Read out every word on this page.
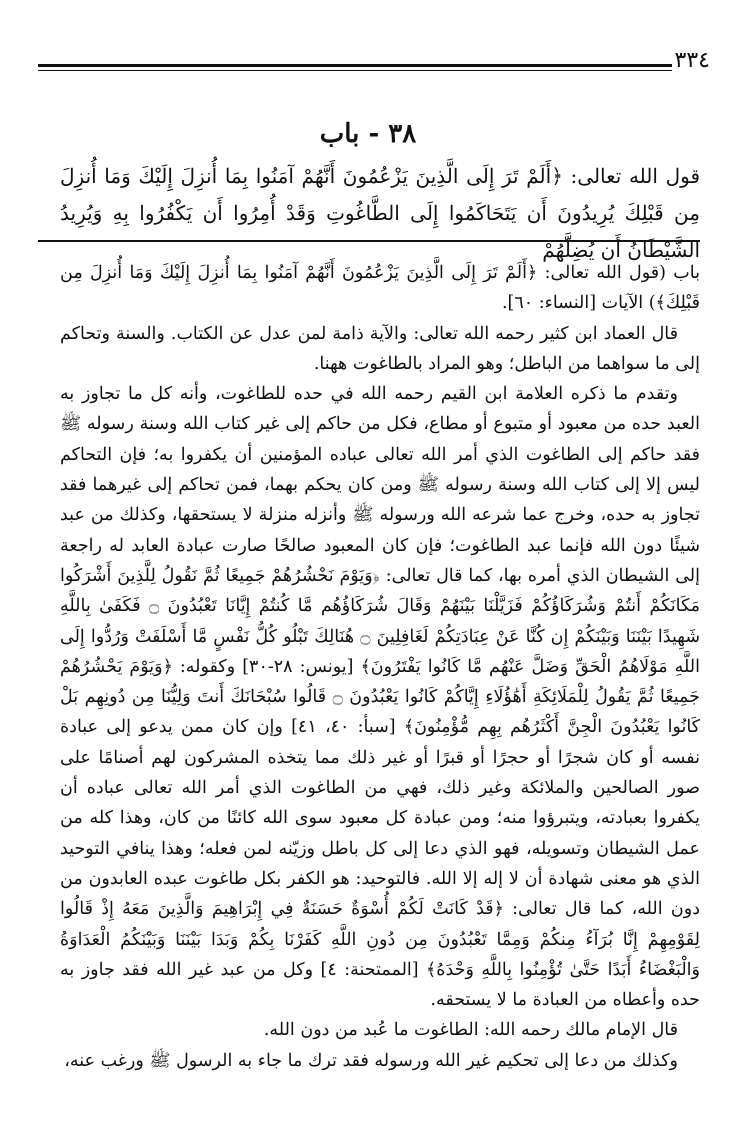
٣٣٤
٣٨ - باب
قول الله تعالى: ﴿أَلَمْ تَرَ إِلَى الَّذِينَ يَزْعُمُونَ أَنَّهُمْ آمَنُوا بِمَا أُنزِلَ إِلَيْكَ وَمَا أُنزِلَ مِن قَبْلِكَ يُرِيدُونَ أَن يَتَحَاكَمُوا إِلَى الطَّاغُوتِ وَقَدْ أُمِرُوا أَن يَكْفُرُوا بِهِ وَيُرِيدُ الشَّيْطَانُ أَن يُضِلَّهُمْ

باب (قول الله تعالى: ﴿أَلَمْ تَرَ إِلَى الَّذِينَ يَزْعُمُونَ أَنَّهُمْ آمَنُوا بِمَا أُنزِلَ إِلَيْكَ وَمَا أُنزِلَ مِن قَبْلِكَ﴾) الآيات [النساء: ٦٠].

قال العماد ابن كثير رحمه الله تعالى: والآية ذامة لمن عدل عن الكتاب. والسنة وتحاكم إلى ما سواهما من الباطل؛ وهو المراد بالطاغوت ههنا.

وتقدم ما ذكره العلامة ابن القيم رحمه الله في حده للطاغوت، وأنه كل ما تجاوز به العبد حده من معبود أو متبوع أو مطاع، فكل من حاكم إلى غير كتاب الله وسنة رسوله ﷺ فقد حاكم إلى الطاغوت الذي أمر الله تعالى عباده المؤمنين أن يكفروا به؛ فإن التحاكم ليس إلا إلى كتاب الله وسنة رسوله ﷺ ومن كان يحكم بهما، فمن تحاكم إلى غيرهما فقد تجاوز به حده، وخرج عما شرعه الله ورسوله ﷺ وأنزله منزلة لا يستحقها، وكذلك من عبد شيئًا دون الله فإنما عبد الطاغوت؛ فإن كان المعبود صالحًا صارت عبادة العابد له راجعة إلى الشيطان الذي أمره بها، كما قال تعالى: ﴿وَيَوْمَ نَحْشُرُهُمْ جَمِيعًا ثُمَّ نَقُولُ لِلَّذِينَ أَشْرَكُوا مَكَانَكُمْ أَنتُمْ وَشُرَكَاؤُكُمْ فَزَيَّلْنَا بَيْنَهُمْ وَقَالَ شُرَكَاؤُهُم مَّا كُنتُمْ إِيَّانَا تَعْبُدُونَ ۝ فَكَفَىٰ بِاللَّهِ شَهِيدًا بَيْنَنَا وَبَيْنَكُمْ إِن كُنَّا عَنْ عِبَادَتِكُمْ لَغَافِلِينَ ۝ هُنَالِكَ تَبْلُو كُلُّ نَفْسٍ مَّا أَسْلَفَتْ وَرُدُّوا إِلَى اللَّهِ مَوْلَاهُمُ الْحَقِّ وَضَلَّ عَنْهُم مَّا كَانُوا يَفْتَرُونَ﴾ [يونس: ٢٨-٣٠] وكقوله: ﴿وَيَوْمَ يَحْشُرُهُمْ جَمِيعًا ثُمَّ يَقُولُ لِلْمَلَائِكَةِ أَهَٰؤُلَاءِ إِيَّاكُمْ كَانُوا يَعْبُدُونَ ۝ قَالُوا سُبْحَانَكَ أَنتَ وَلِيُّنَا مِن دُونِهِم بَلْ كَانُوا يَعْبُدُونَ الْجِنَّ أَكْثَرُهُم بِهِم مُّؤْمِنُونَ﴾ [سبأ: ٤٠، ٤١] وإن كان ممن يدعو إلى عبادة نفسه أو كان شجرًا أو حجرًا أو قبرًا أو غير ذلك مما يتخذه المشركون لهم أصنامًا على صور الصالحين والملائكة وغير ذلك، فهي من الطاغوت الذي أمر الله تعالى عباده أن يكفروا بعبادته، ويتبرؤوا منه؛ ومن عبادة كل معبود سوى الله كائنًا من كان، وهذا كله من عمل الشيطان وتسويله، فهو الذي دعا إلى كل باطل وزيّنه لمن فعله؛ وهذا ينافي التوحيد الذي هو معنى شهادة أن لا إله إلا الله. فالتوحيد: هو الكفر بكل طاغوت عبده العابدون من دون الله، كما قال تعالى: ﴿قَدْ كَانَتْ لَكُمْ أُسْوَةٌ حَسَنَةٌ فِي إِبْرَاهِيمَ وَالَّذِينَ مَعَهُ إِذْ قَالُوا لِقَوْمِهِمْ إِنَّا بُرَآءُ مِنكُمْ وَمِمَّا تَعْبُدُونَ مِن دُونِ اللَّهِ كَفَرْنَا بِكُمْ وَبَدَا بَيْنَنَا وَبَيْنَكُمُ الْعَدَاوَةُ وَالْبَغْضَاءُ أَبَدًا حَتَّىٰ تُؤْمِنُوا بِاللَّهِ وَحْدَهُ﴾ [الممتحنة: ٤] وكل من عبد غير الله فقد جاوز به حده وأعطاه من العبادة ما لا يستحقه.

قال الإمام مالك رحمه الله: الطاغوت ما عُبد من دون الله.

وكذلك من دعا إلى تحكيم غير الله ورسوله فقد ترك ما جاء به الرسول ﷺ ورغب عنه،
